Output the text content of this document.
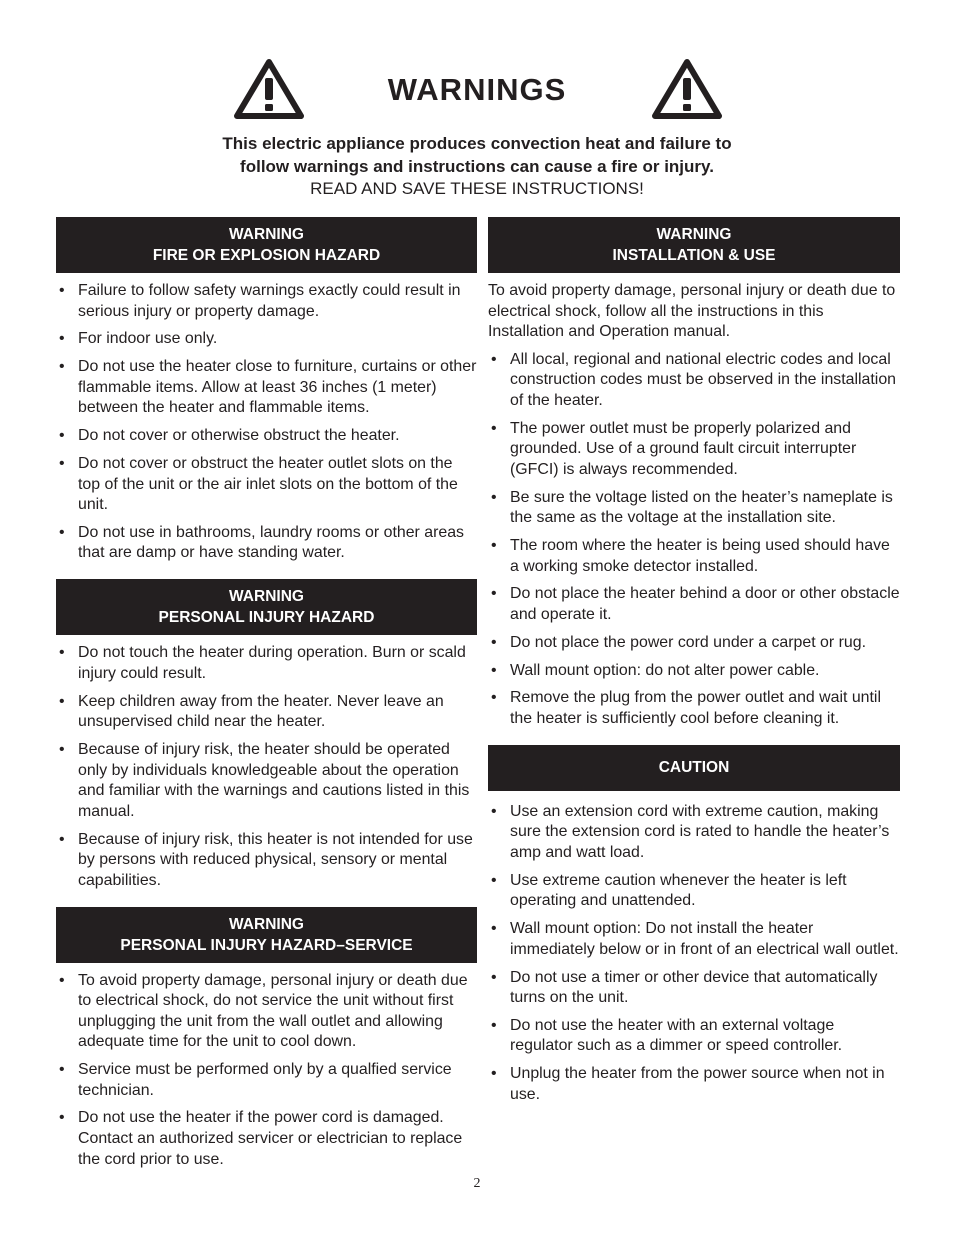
WARNINGS
This electric appliance produces convection heat and failure to
follow warnings and instructions can cause a fire or injury.
READ AND SAVE THESE INSTRUCTIONS!
WARNING
FIRE OR EXPLOSION HAZARD
• Failure to follow safety warnings exactly could result in serious injury or property damage.
• For indoor use only.
• Do not use the heater close to furniture, curtains or other flammable items. Allow at least 36 inches (1 meter) between the heater and flammable items.
• Do not cover or otherwise obstruct the heater.
• Do not cover or obstruct the heater outlet slots on the top of the unit or the air inlet slots on the bottom of the unit.
• Do not use in bathrooms, laundry rooms or other areas that are damp or have standing water.
WARNING
PERSONAL INJURY HAZARD
• Do not touch the heater during operation. Burn or scald injury could result.
• Keep children away from the heater. Never leave an unsupervised child near the heater.
• Because of injury risk, the heater should be operated only by individuals knowledgeable about the operation and familiar with the warnings and cautions listed in this manual.
• Because of injury risk, this heater is not intended for use by persons with reduced physical, sensory or mental capabilities.
WARNING
PERSONAL INJURY HAZARD–SERVICE
• To avoid property damage, personal injury or death due to electrical shock, do not service the unit without first unplugging the unit from the wall outlet and allowing adequate time for the unit to cool down.
• Service must be performed only by a qualfied service technician.
• Do not use the heater if the power cord is damaged. Contact an authorized servicer or electrician to replace the cord prior to use.
WARNING
INSTALLATION & USE
To avoid property damage, personal injury or death due to electrical shock, follow all the instructions in this Installation and Operation manual.
• All local, regional and national electric codes and local construction codes must be observed in the installation of the heater.
• The power outlet must be properly polarized and grounded. Use of a ground fault circuit interrupter (GFCI) is always recommended.
• Be sure the voltage listed on the heater’s nameplate is the same as the voltage at the installation site.
• The room where the heater is being used should have a working smoke detector installed.
• Do not place the heater behind a door or other obstacle and operate it.
• Do not place the power cord under a carpet or rug.
• Wall mount option: do not alter power cable.
• Remove the plug from the power outlet and wait until the heater is sufficiently cool before cleaning it.
CAUTION
• Use an extension cord with extreme caution, making sure the extension cord is rated to handle the heater’s amp and watt load.
• Use extreme caution whenever the heater is left operating and unattended.
• Wall mount option: Do not install the heater immediately below or in front of an electrical wall outlet.
• Do not use a timer or other device that automatically turns on the unit.
• Do not use the heater with an external voltage regulator such as a dimmer or speed controller.
• Unplug the heater from the power source when not in use.
2
